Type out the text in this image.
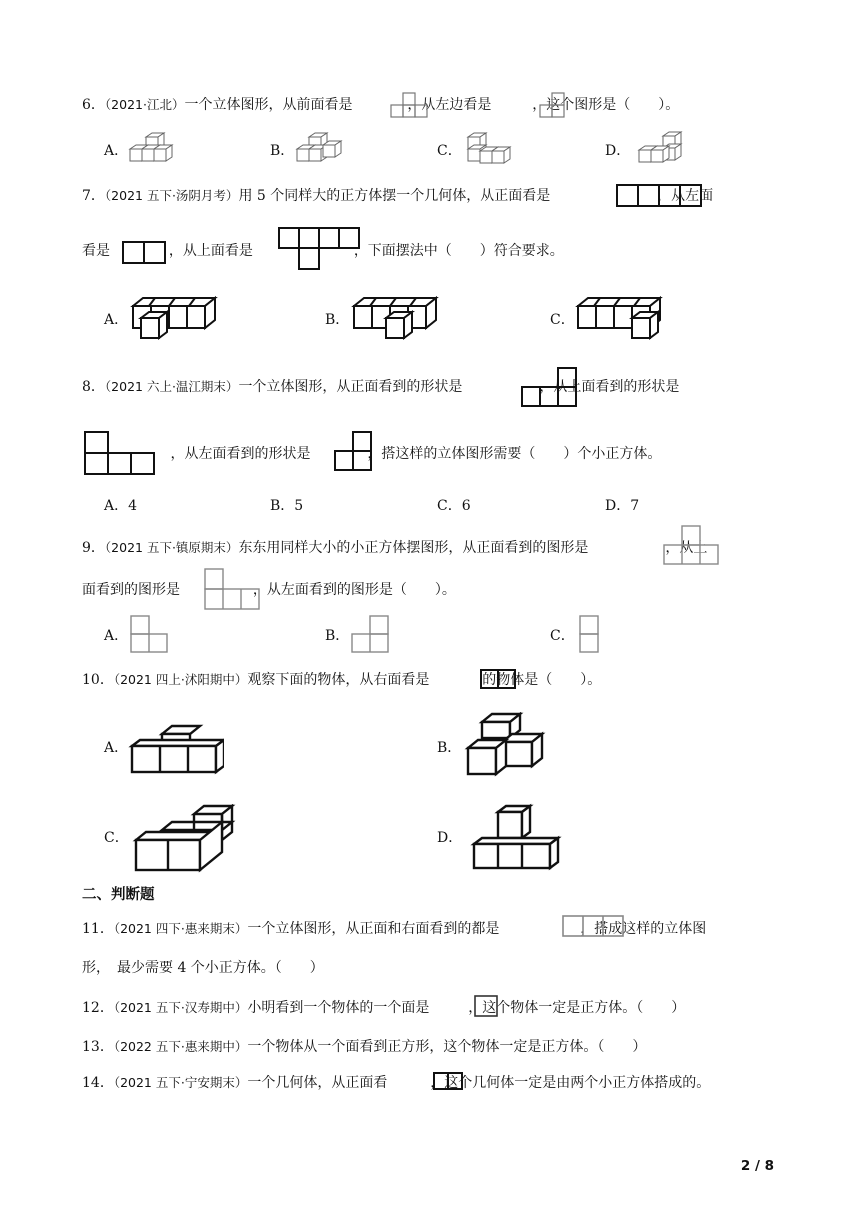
6．（2021·江北）一个立体图形，从前面看是	，从左边看是	，这个图形是（　　）。
A．	B．	C．	D．
7．（2021 五下·汤阴月考）用 5 个同样大的正方体摆一个几何体，从正面看是	，从左面
看是	，从上面看是	，下面摆法中（　　）符合要求。
A．	B．	C．
8．（2021 六上·温江期末）一个立体图形，从正面看到的形状是	，从上面看到的形状是
，从左面看到的形状是	，搭这样的立体图形需要（　　）个小正方体。
A．4	B．5	C．6	D．7
9．（2021 五下·镇原期末）东东用同样大小的小正方体摆图形，从正面看到的图形是	，从上
面看到的图形是	，从左面看到的图形是（　　）。
A．	B．	C．
10．（2021 四上·沭阳期中）观察下面的物体，从右面看是	的物体是（　　）。
A．	B．
C．	D．
二、判断题
11．（2021 四下·惠来期末）一个立体图形，从正面和右面看到的都是	，搭成这样的立体图
形，　最少需要 4 个小正方体。（　　）
12．（2021 五下·汉寿期中）小明看到一个物体的一个面是	，这个物体一定是正方体。（　　）
13．（2022 五下·惠来期中）一个物体从一个面看到正方形，这个物体一定是正方体。（　　）
14．（2021 五下·宁安期末）一个几何体，从正面看	，这个几何体一定是由两个小正方体搭成的。
2 / 8
